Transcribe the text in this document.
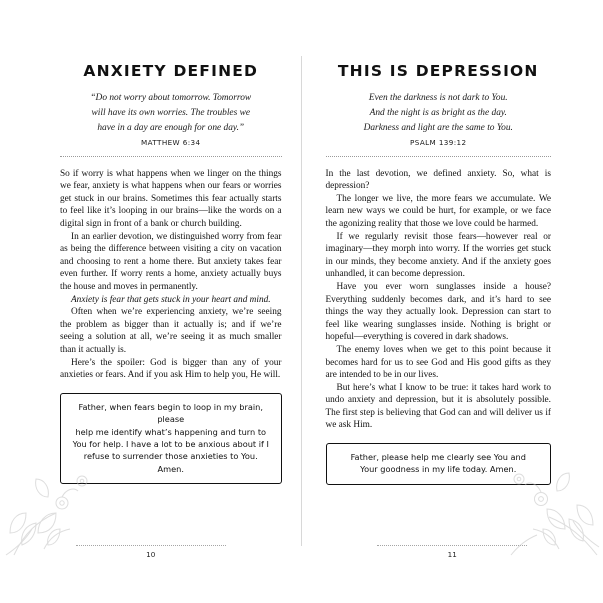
ANXIETY DEFINED
“Do not worry about tomorrow. Tomorrow
will have its own worries. The troubles we
have in a day are enough for one day.”
MATTHEW 6:34

So if worry is what happens when we linger on the things we fear, anxiety is what happens when our fears or worries get stuck in our brains. Sometimes this fear actually starts to feel like it’s looping in our brains—like the words on a digital sign in front of a bank or church building.

In an earlier devotion, we distinguished worry from fear as being the difference between visiting a city on vacation and choosing to rent a home there. But anxiety takes fear even further. If worry rents a home, anxiety actually buys the house and moves in permanently.

Anxiety is fear that gets stuck in your heart and mind.

Often when we’re experiencing anxiety, we’re seeing the problem as bigger than it actually is; and if we’re seeing a solution at all, we’re seeing it as much smaller than it actually is.

Here’s the spoiler: God is bigger than any of your anxieties or fears. And if you ask Him to help you, He will.

Father, when fears begin to loop in my brain, please

help me identify what’s happening and turn to

You for help. I have a lot to be anxious about if I

refuse to surrender those anxieties to You. Amen.

10
THIS IS DEPRESSION
Even the darkness is not dark to You.
And the night is as bright as the day.
Darkness and light are the same to You.
PSALM 139:12

In the last devotion, we defined anxiety. So, what is depression?

The longer we live, the more fears we accumulate. We learn new ways we could be hurt, for example, or we face the agonizing reality that those we love could be harmed.

If we regularly revisit those fears—however real or imaginary—they morph into worry. If the worries get stuck in our minds, they become anxiety. And if the anxiety goes unhandled, it can become depression.

Have you ever worn sunglasses inside a house? Everything suddenly becomes dark, and it’s hard to see things the way they actually look. Depression can start to feel like wearing sunglasses inside. Nothing is bright or hopeful—everything is covered in dark shadows.

The enemy loves when we get to this point because it becomes hard for us to see God and His good gifts as they are intended to be in our lives.

But here’s what I know to be true: it takes hard work to undo anxiety and depression, but it is absolutely possible. The first step is believing that God can and will deliver us if we ask Him.

Father, please help me clearly see You and

Your goodness in my life today. Amen.

11
